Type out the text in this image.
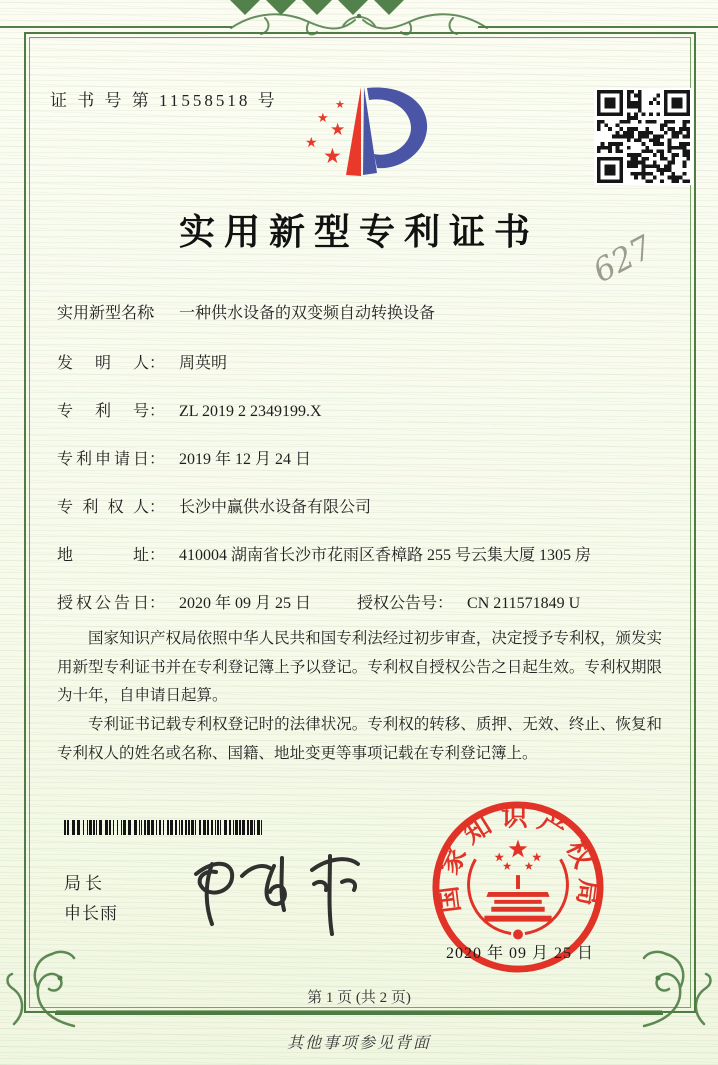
证 书 号 第 11558518 号	★
★
★
★
★
实用新型专利证书	627
实用新型名称： 一种供水设备的双变频自动转换设备
发 明 人： 周英明
专 利 号： ZL 2019 2 2349199.X
专利申请日： 2019 年 12 月 24 日
专 利 权 人： 长沙中赢供水设备有限公司
地 址： 410004 湖南省长沙市花雨区香樟路 255 号云集大厦 1305 房
授权公告日： 2020 年 09 月 25 日	授权公告号： CN 211571849 U

国家知识产权局依照中华人民共和国专利法经过初步审查，决定授予专利权，颁发实用新型专利证书并在专利登记簿上予以登记。专利权自授权公告之日起生效。专利权期限为十年，自申请日起算。

专利证书记载专利权登记时的法律状况。专利权的转移、质押、无效、终止、恢复和专利权人的姓名或名称、国籍、地址变更等事项记载在专利登记簿上。

局长
申长雨	国家知识产权局
2020 年 09 月 25 日
第 1 页 (共 2 页)
其他事项参见背面
